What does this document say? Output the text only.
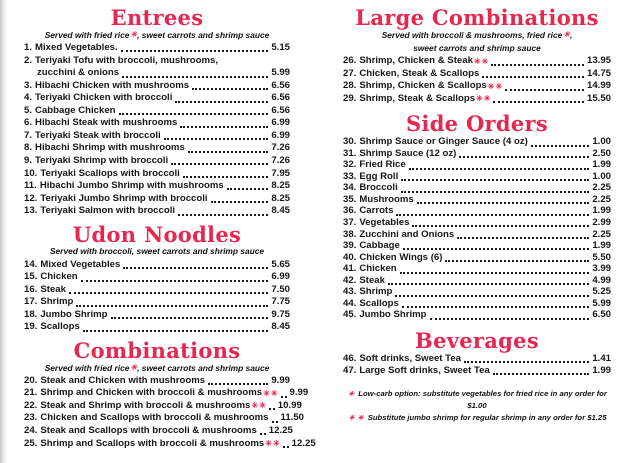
Entrees
Served with fried rice✳, sweet carrots and shrimp sauce
1. Mixed Vegetables.	5.15
2. Teriyaki Tofu with broccoli, mushrooms,
zucchini & onions	5.99
3. Hibachi Chicken with mushrooms	6.56
4. Teriyaki Chicken with broccoli	6.56
5. Cabbage Chicken	6.56
6. Hibachi Steak with mushrooms	6.99
7. Teriyaki Steak with broccoli	6.99
8. Hibachi Shrimp with mushrooms	7.26
9. Teriyaki Shrimp with broccoli	7.26
10. Teriyaki Scallops with broccoli	7.95
11. Hibachi Jumbo Shrimp with mushrooms	8.25
12. Teriyaki Jumbo Shrimp with broccoli	8.25
13. Teriyaki Salmon with broccoli	8.45
Udon Noodles
Served with broccoli, sweet carrots and shrimp sauce
14. Mixed Vegetables	5.65
15. Chicken	6.99
16. Steak	7.50
17. Shrimp	7.75
18. Jumbo Shrimp	9.75
19. Scallops	8.45
Combinations
Served with fried rice✳, sweet carrots and shrimp sauce
20. Steak and Chicken with mushrooms	9.99
21. Shrimp and Chicken with broccoli & mushrooms ✳ ✳ 9.99
22. Steak and Shrimp with broccoli & mushrooms ✳ ✳ 10.99
23. Chicken and Scallops with broccoli & mushrooms 11.50
24. Steak and Scallops with broccoli & mushrooms 12.25
25. Shrimp and Scallops with broccoli & mushrooms ✳ ✳ 12.25
Large Combinations
Served with broccoli & mushrooms, fried rice✳,
sweet carrots and shrimp sauce
26. Shrimp, Chicken & Steak ✳ ✳	13.95
27. Chicken, Steak & Scallops	14.75
28. Shrimp, Chicken & Scallops ✳ ✳	14.99
29. Shrimp, Steak & Scallops ✳ ✳	15.50
Side Orders
30. Shrimp Sauce or Ginger Sauce (4 oz)	1.00
31. Shrimp Sauce (12 oz)	2.50
32. Fried Rice	1.99
33. Egg Roll	1.00
34. Broccoli	2.25
35. Mushrooms	2.25
36. Carrots	1.99
37. Vegetables	2.99
38. Zucchini and Onions	2.25
39. Cabbage	1.99
40. Chicken Wings (6)	5.50
41. Chicken	3.99
42. Steak	4.99
43. Shrimp	5.25
44. Scallops	5.99
45. Jumbo Shrimp	6.50
Beverages
46. Soft drinks, Sweet Tea	1.41
47. Large Soft drinks, Sweet Tea	1.99
✳ Low-carb option: substitute vegetables for fried rice in any order for $1.00
✳ ✳ Substitute jumbo shrimp for regular shrimp in any order for $1.25
